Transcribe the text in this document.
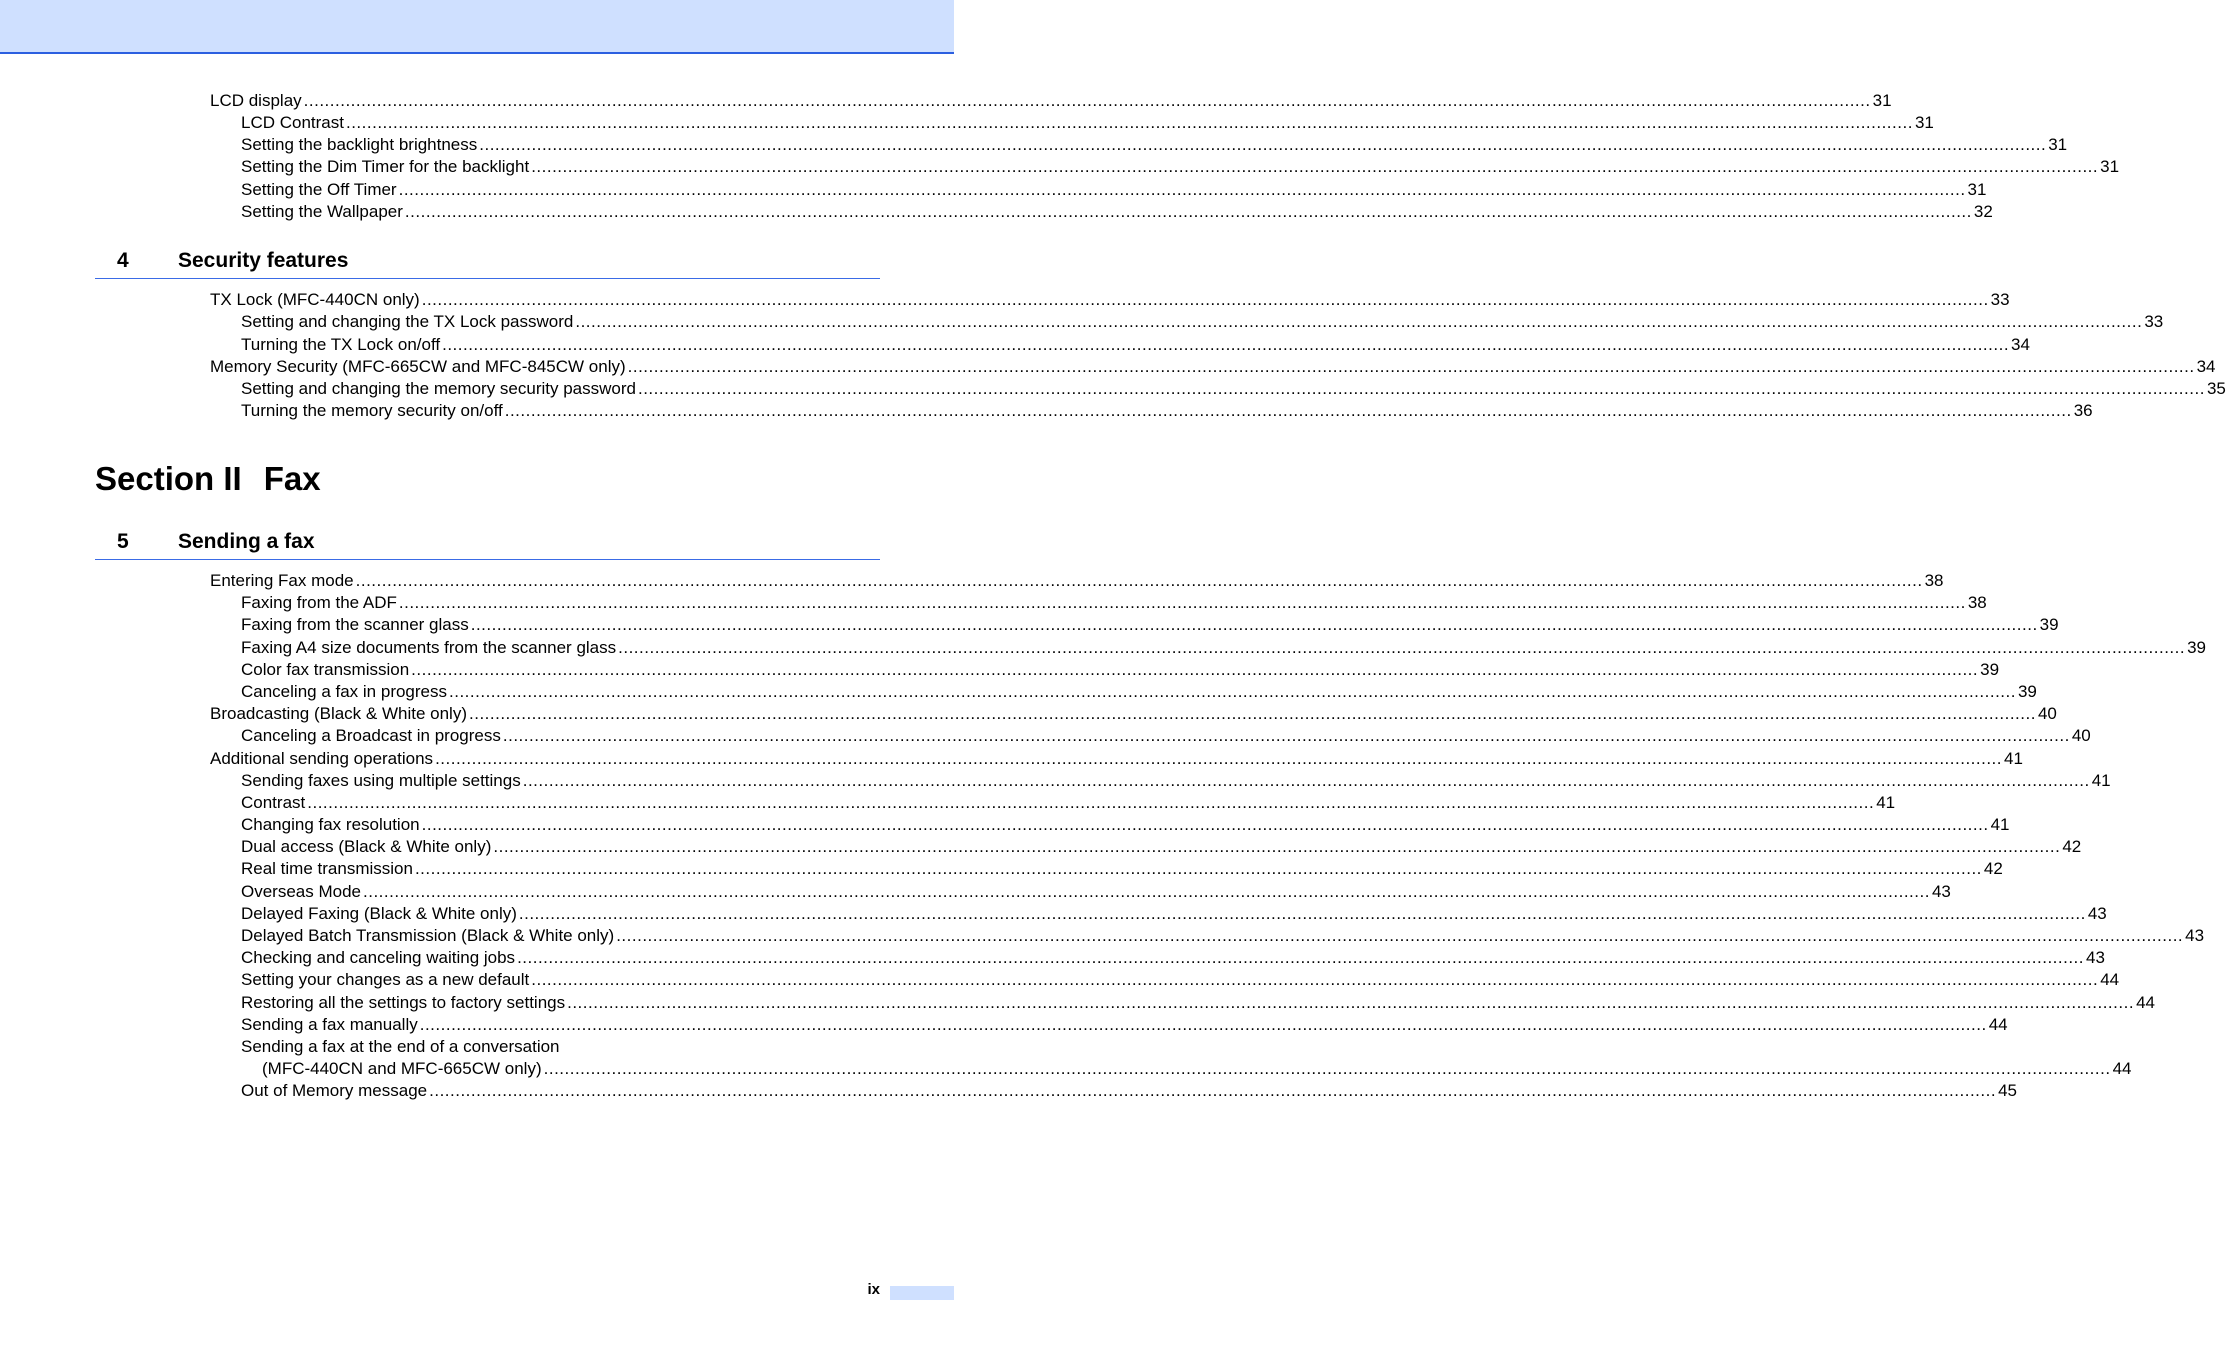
LCD display ............................................................................................................................................................................................................................................................................................................ 31
LCD Contrast ............................................................................................................................................................................................................................................................................................................ 31
Setting the backlight brightness ............................................................................................................................................................................................................................................................................................................ 31
Setting the Dim Timer for the backlight ............................................................................................................................................................................................................................................................................................................ 31
Setting the Off Timer ............................................................................................................................................................................................................................................................................................................ 31
Setting the Wallpaper ............................................................................................................................................................................................................................................................................................................ 32
4 Security features
TX Lock (MFC-440CN only) ............................................................................................................................................................................................................................................................................................................ 33
Setting and changing the TX Lock password ............................................................................................................................................................................................................................................................................................................ 33
Turning the TX Lock on/off ............................................................................................................................................................................................................................................................................................................ 34
Memory Security (MFC-665CW and MFC-845CW only) ............................................................................................................................................................................................................................................................................................................ 34
Setting and changing the memory security password ............................................................................................................................................................................................................................................................................................................ 35
Turning the memory security on/off ............................................................................................................................................................................................................................................................................................................ 36
Section II Fax
5 Sending a fax
Entering Fax mode ............................................................................................................................................................................................................................................................................................................ 38
Faxing from the ADF ............................................................................................................................................................................................................................................................................................................ 38
Faxing from the scanner glass ............................................................................................................................................................................................................................................................................................................ 39
Faxing A4 size documents from the scanner glass ............................................................................................................................................................................................................................................................................................................ 39
Color fax transmission ............................................................................................................................................................................................................................................................................................................ 39
Canceling a fax in progress ............................................................................................................................................................................................................................................................................................................ 39
Broadcasting (Black & White only) ............................................................................................................................................................................................................................................................................................................ 40
Canceling a Broadcast in progress ............................................................................................................................................................................................................................................................................................................ 40
Additional sending operations ............................................................................................................................................................................................................................................................................................................ 41
Sending faxes using multiple settings ............................................................................................................................................................................................................................................................................................................ 41
Contrast ............................................................................................................................................................................................................................................................................................................ 41
Changing fax resolution ............................................................................................................................................................................................................................................................................................................ 41
Dual access (Black & White only) ............................................................................................................................................................................................................................................................................................................ 42
Real time transmission ............................................................................................................................................................................................................................................................................................................ 42
Overseas Mode ............................................................................................................................................................................................................................................................................................................ 43
Delayed Faxing (Black & White only) ............................................................................................................................................................................................................................................................................................................ 43
Delayed Batch Transmission (Black & White only) ............................................................................................................................................................................................................................................................................................................ 43
Checking and canceling waiting jobs ............................................................................................................................................................................................................................................................................................................ 43
Setting your changes as a new default ............................................................................................................................................................................................................................................................................................................ 44
Restoring all the settings to factory settings ............................................................................................................................................................................................................................................................................................................ 44
Sending a fax manually ............................................................................................................................................................................................................................................................................................................ 44
Sending a fax at the end of a conversation
(MFC-440CN and MFC-665CW only) ............................................................................................................................................................................................................................................................................................................ 44
Out of Memory message ............................................................................................................................................................................................................................................................................................................ 45
ix
